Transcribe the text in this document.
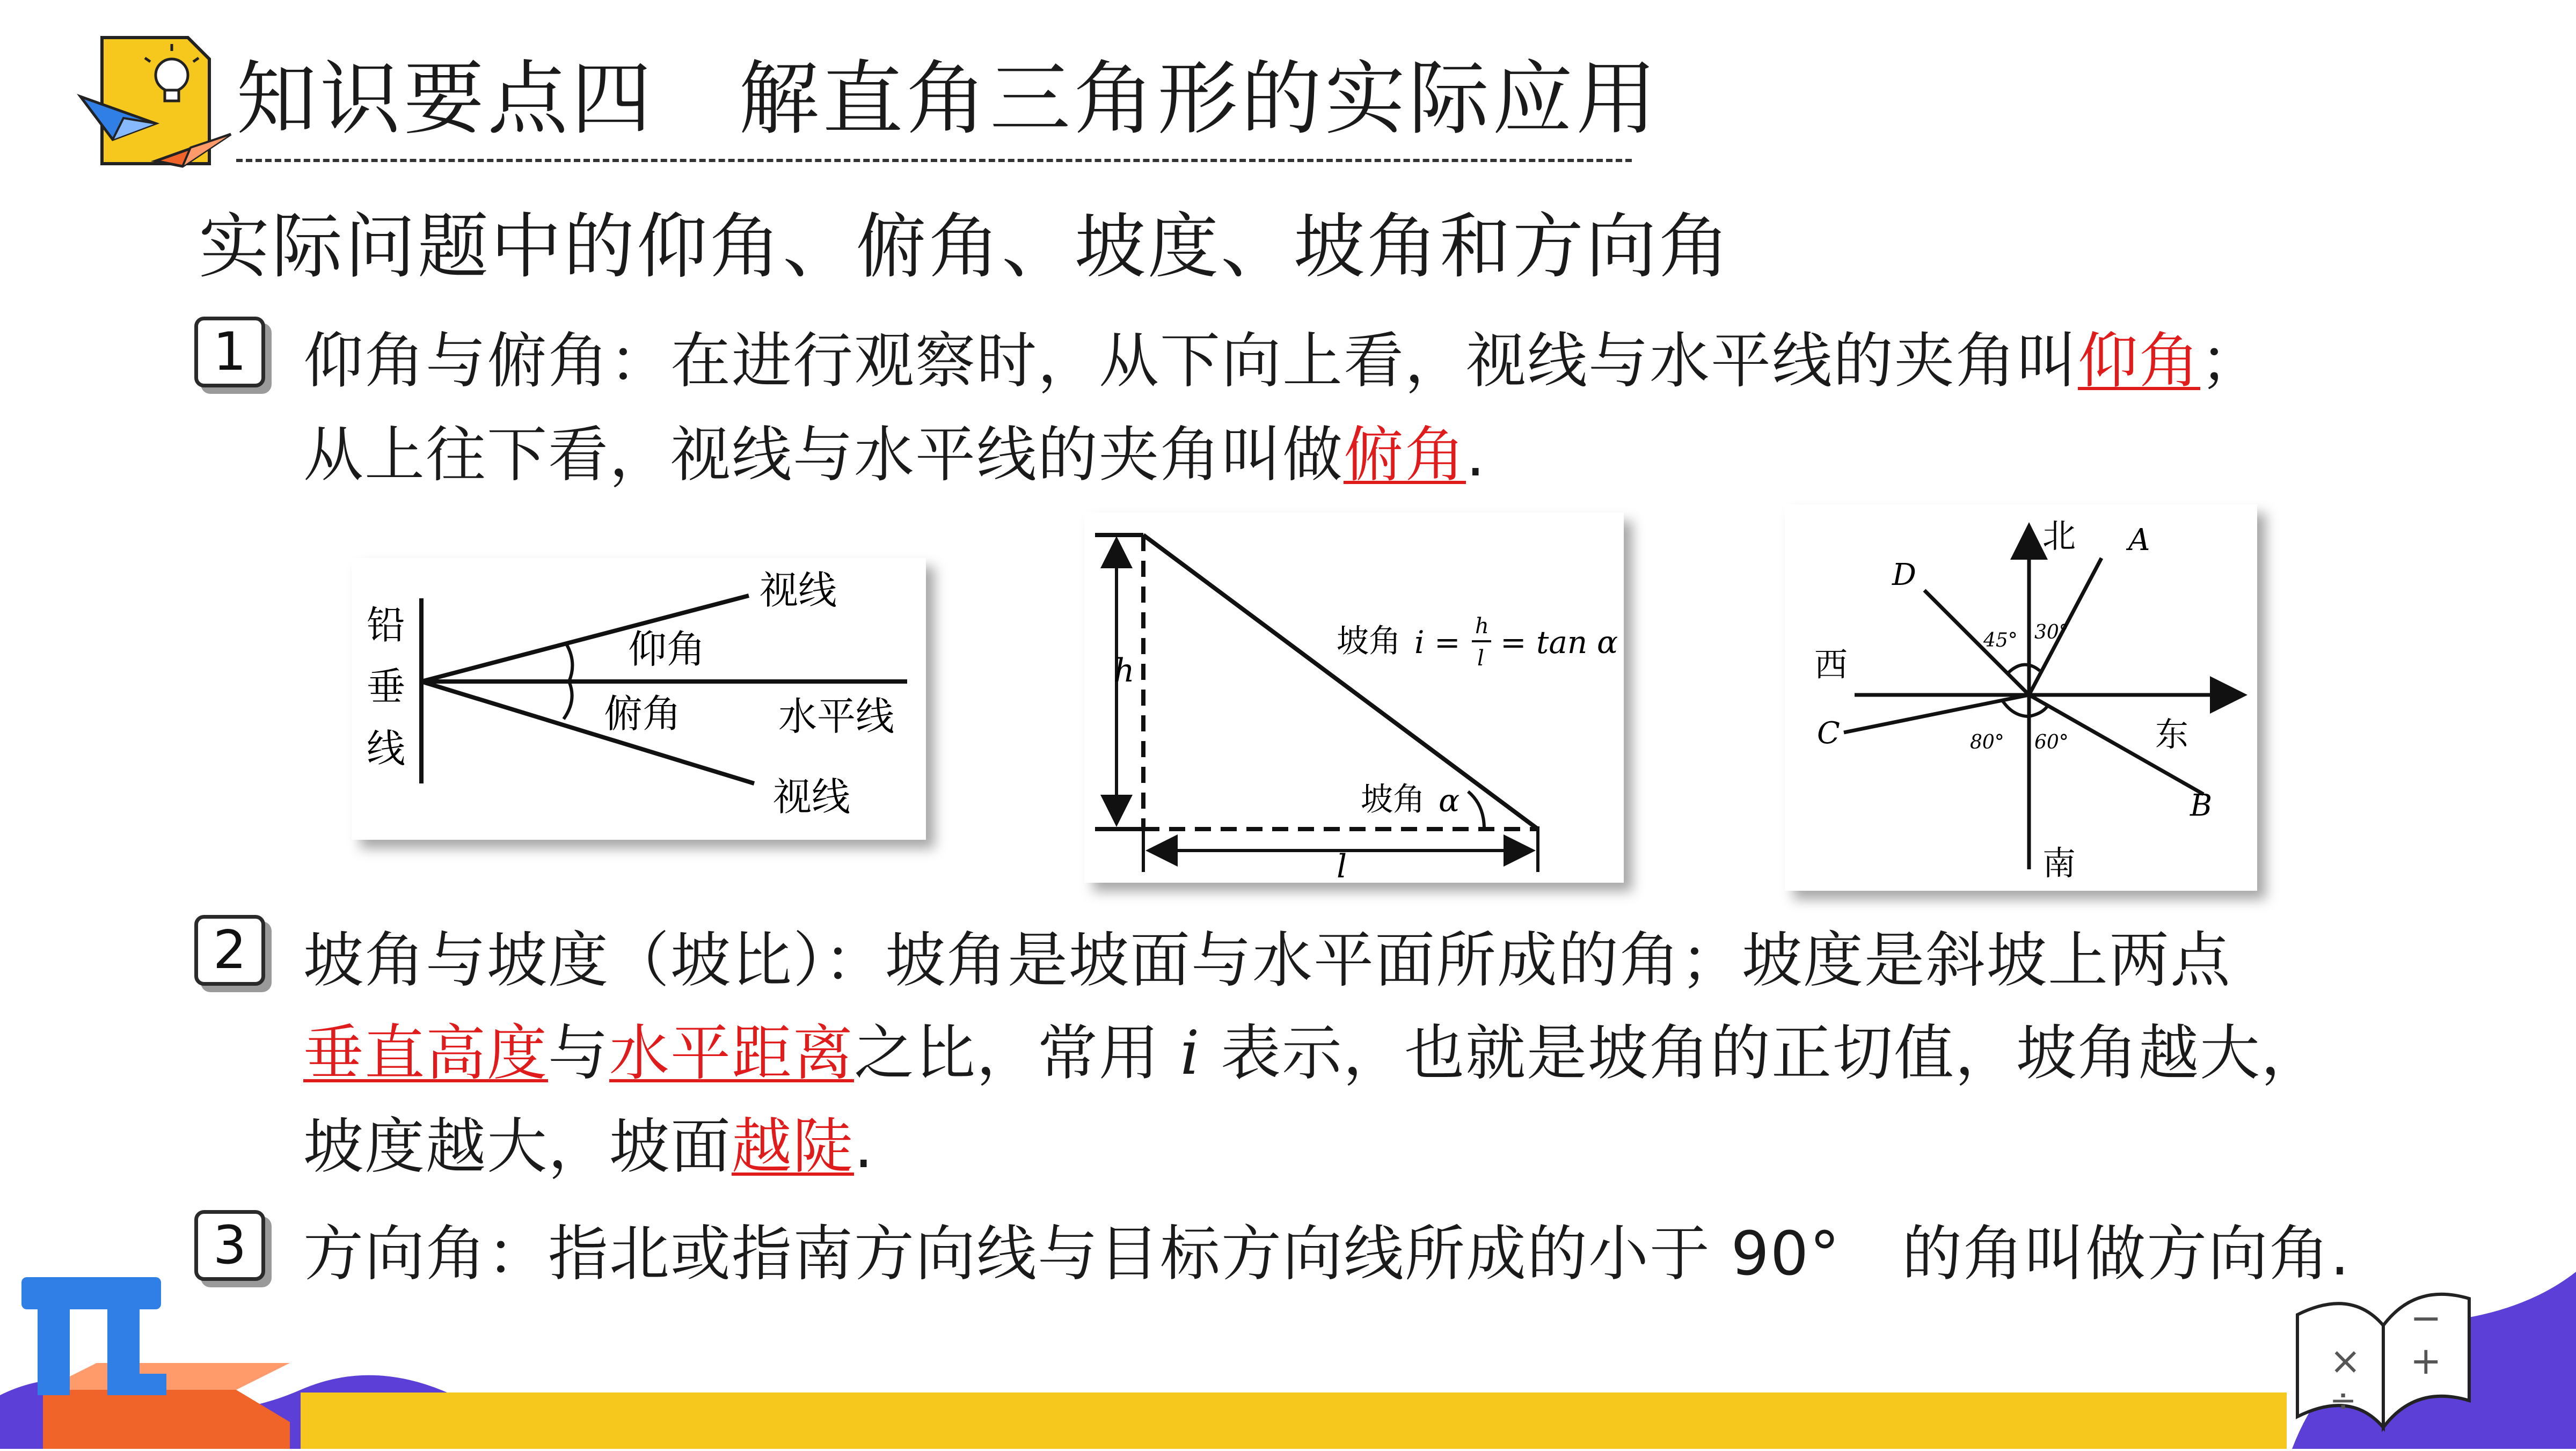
知识要点四　 解直角三角形的实际应用
实际问题中的仰角、俯角、坡度、坡角和方向角
1 仰角与俯角：在进行观察时，从下向上看，视线与水平线的夹角叫仰角；
从上往下看，视线与水平线的夹角叫做俯角.
铅
垂
线
视线
仰角
俯角	水平线
视线
h
l
坡角 i = h
l = tan α
坡角 α
北
南
东
西
A
B
C
D
45° 30°
80° 60°
2 坡角与坡度（坡比）：坡角是坡面与水平面所成的角；坡度是斜坡上两点
垂直高度与水平距离之比，常用 i 表示，也就是坡角的正切值，坡角越大，
坡度越大，坡面越陡.
3 方向角：指北或指南方向线与目标方向线所成的小于 90°　的角叫做方向角.
×
÷
−
+
